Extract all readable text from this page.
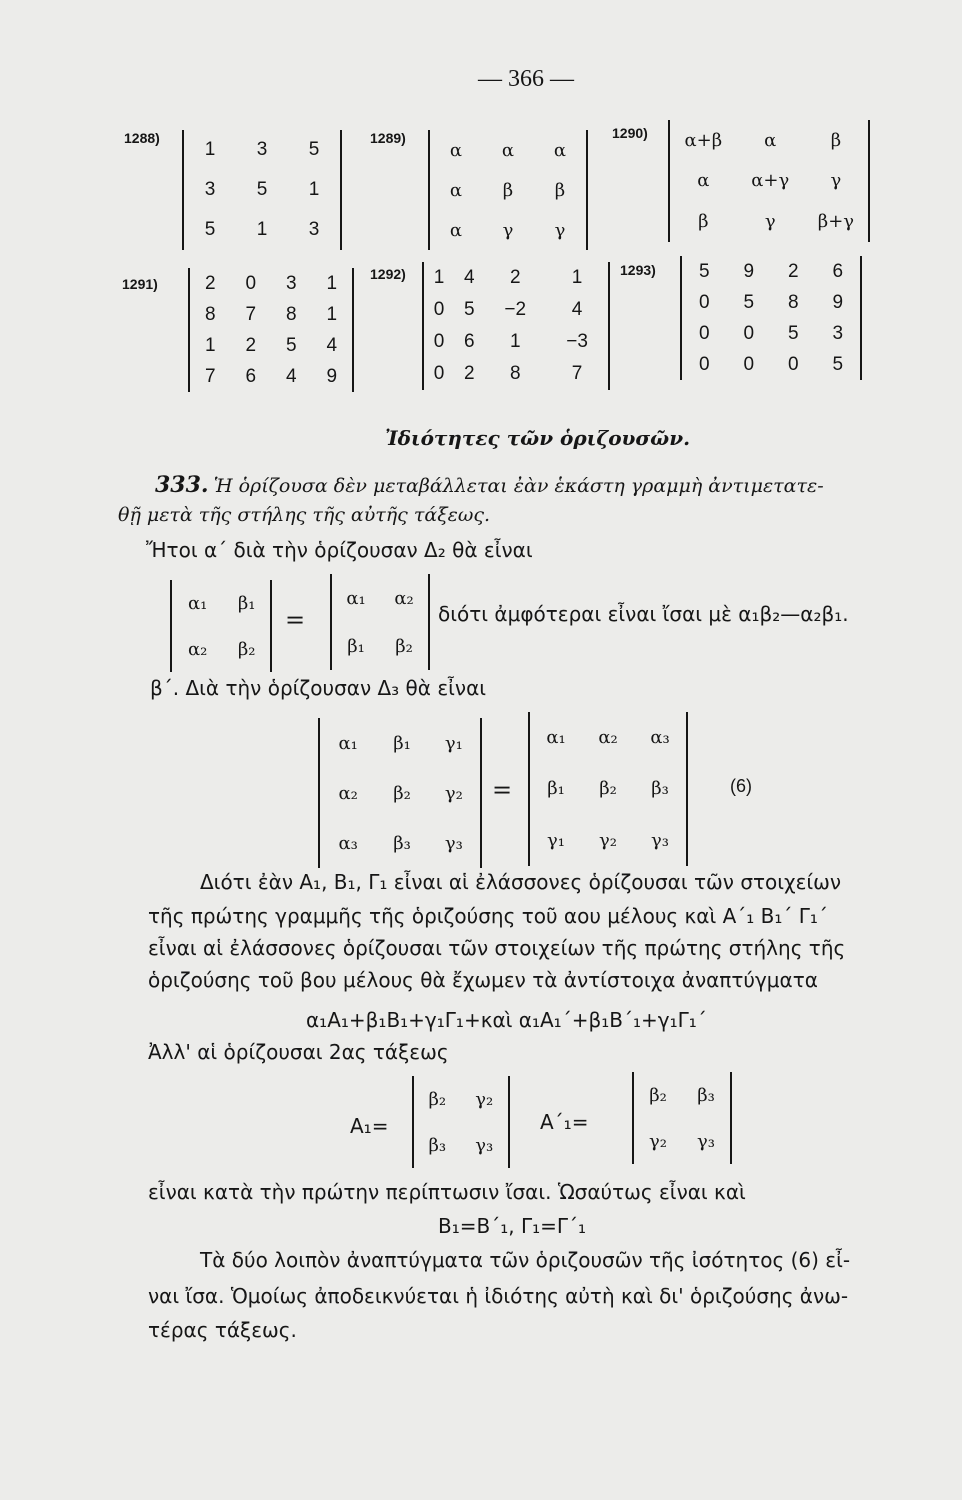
— 366 —
1288)
1	3	5
3	5	1
5	1	3
1289)
α	α	α
α	β	β
α	γ	γ
1290) α+β	α	β
α	α+γ	γ
β	γ	β+γ
1291) 2	0	3	1
8	7	8	1
1	2	5	4
7	6	4	9
1292) 1	4	2	1
0	5	−2	4
0	6	1	−3
0	2	8	7
1293) 5	9	2	6
0	5	8	9
0	0	5	3
0	0	0	5
Ἰδιότητες τῶν ὁριζουσῶν.
333. Ἡ ὁρίζουσα δὲν μεταβάλλεται ἐὰν ἑκάστη γραμμὴ ἀντιμετατε-
θῇ μετὰ τῆς στήλης τῆς αὐτῆς τάξεως.
Ἤτοι α΄ διὰ τὴν ὁρίζουσαν Δ₂ θὰ εἶναι
α₁	β₁
α₂	β₂
=
α₁	α₂
β₁	β₂
διότι ἀμφότεραι εἶναι ἴσαι μὲ α₁β₂—α₂β₁.
β΄. Διὰ τὴν ὁρίζουσαν Δ₃ θὰ εἶναι
α₁	β₁	γ₁
α₂	β₂	γ₂
α₃	β₃	γ₃
=
α₁	α₂	α₃
β₁	β₂	β₃
γ₁	γ₂	γ₃
(6)
Διότι ἐὰν Α₁, Β₁, Γ₁ εἶναι αἱ ἐλάσσονες ὁρίζουσαι τῶν στοιχείων
τῆς πρώτης γραμμῆς τῆς ὁριζούσης τοῦ αου μέλους καὶ Α΄₁ Β₁΄ Γ₁΄
εἶναι αἱ ἐλάσσονες ὁρίζουσαι τῶν στοιχείων τῆς πρώτης στήλης τῆς
ὁριζούσης τοῦ βου μέλους θὰ ἔχωμεν τὰ ἀντίστοιχα ἀναπτύγματα
α₁Α₁+β₁Β₁+γ₁Γ₁+καὶ α₁Α₁΄+β₁Β΄₁+γ₁Γ₁΄
Ἀλλ' αἱ ὁρίζουσαι 2ας τάξεως
Α₁=
β₂	γ₂
β₃	γ₃
Α΄₁=
β₂	β₃
γ₂	γ₃
εἶναι κατὰ τὴν πρώτην περίπτωσιν ἴσαι. Ὡσαύτως εἶναι καὶ
Β₁=Β΄₁, Γ₁=Γ΄₁
Τὰ δύο λοιπὸν ἀναπτύγματα τῶν ὁριζουσῶν τῆς ἰσότητος (6) εἶ-
ναι ἴσα. Ὁμοίως ἀποδεικνύεται ἡ ἰδιότης αὐτὴ καὶ δι' ὁριζούσης ἀνω-
τέρας τάξεως.
